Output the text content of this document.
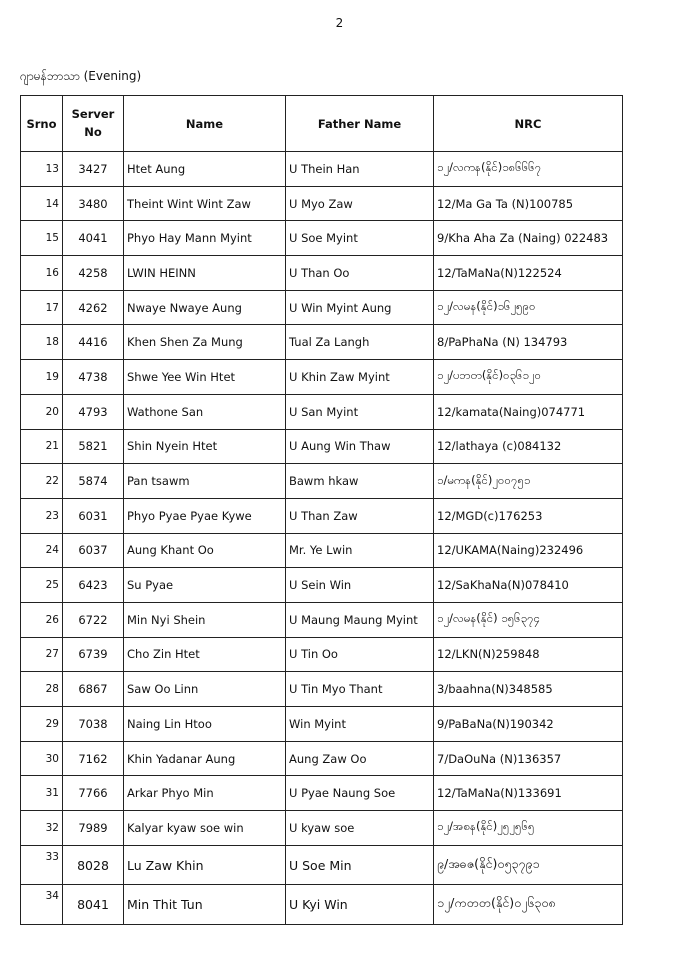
2
ဂျာမန်ဘာသာ (Evening)
Srno	Server No	Name	Father Name	NRC
13	3427	Htet Aung	U Thein Han	၁၂/လကန(နိုင်)၁၈၆၆၆၇
14	3480	Theint Wint Wint Zaw	U Myo Zaw	12/Ma Ga Ta (N)100785
15	4041	Phyo Hay Mann Myint	U Soe Myint	9/Kha Aha Za (Naing) 022483
16	4258	LWIN HEINN	U Than Oo	12/TaMaNa(N)122524
17	4262	Nwaye Nwaye Aung	U Win Myint Aung	၁၂/လမန(နိုင်)၁၆၂၅၉၀
18	4416	Khen Shen Za Mung	Tual Za Langh	8/PaPhaNa (N) 134793
19	4738	Shwe Yee Win Htet	U Khin Zaw Myint	၁၂/ပဘတ(နိုင်)၀၃၆၁၂၀
20	4793	Wathone San	U San Myint	12/kamata(Naing)074771
21	5821	Shin Nyein Htet	U Aung Win Thaw	12/lathaya (c)084132
22	5874	Pan tsawm	Bawm hkaw	၁/မကန(နိုင်)၂၀၀၇၅၁
23	6031	Phyo Pyae Pyae Kywe	U Than Zaw	12/MGD(c)176253
24	6037	Aung Khant Oo	Mr. Ye Lwin	12/UKAMA(Naing)232496
25	6423	Su Pyae	U Sein Win	12/SaKhaNa(N)078410
26	6722	Min Nyi Shein	U Maung Maung Myint	၁၂/လမန(နိုင်) ၁၅၆၃၇၄
27	6739	Cho Zin Htet	U Tin Oo	12/LKN(N)259848
28	6867	Saw Oo Linn	U Tin Myo Thant	3/baahna(N)348585
29	7038	Naing Lin Htoo	Win Myint	9/PaBaNa(N)190342
30	7162	Khin Yadanar Aung	Aung Zaw Oo	7/DaOuNa (N)136357
31	7766	Arkar Phyo Min	U Pyae Naung Soe	12/TaMaNa(N)133691
32	7989	Kalyar kyaw soe win	U kyaw soe	၁၂/အစန(နိုင်)၂၅၂၅၆၅
33	8028	Lu Zaw Khin	U Soe Min	၉/အဓဇ(နိုင်)၀၅၃၇၉၁
34	8041	Min Thit Tun	U Kyi Win	၁၂/ကတတ(နိုင်)၀၂၆၃၀၈
